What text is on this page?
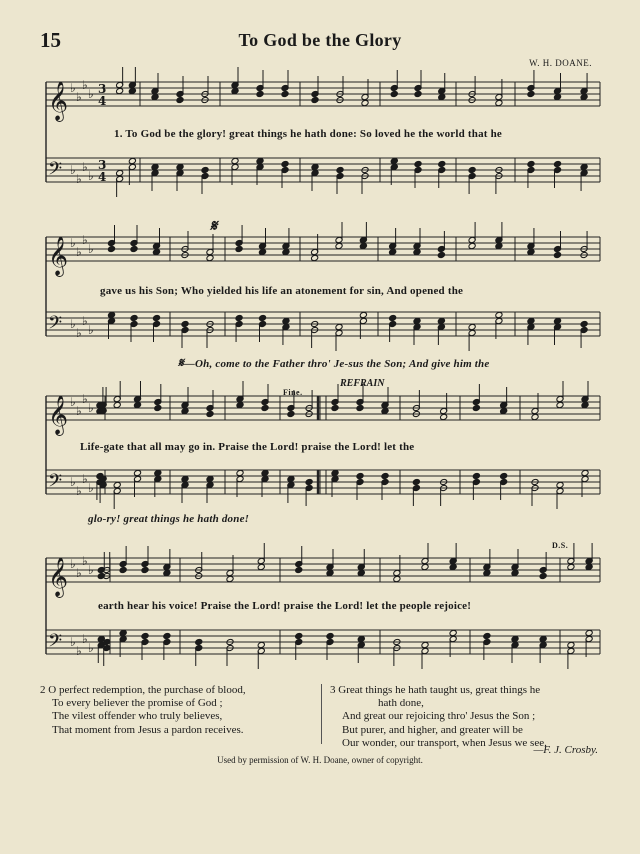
15	To God be the Glory
W. H. DOANE.
𝄞 ♭
♭
♭
♭ 3
4
𝄢 ♭
♭
♭
♭
3
4
𝄞 ♭
♭
♭
♭
𝄢 ♭
♭
♭
♭
𝄞 ♭
♭
♭
♭
𝄢 ♭
♭
♭
♭
𝄞 ♭
♭
♭
♭
𝄢 ♭
♭
♭
♭
1. To God be the glory! great things he hath done: So loved he the world that he
𝄋
gave us his Son; Who yielded his life an atonement for sin, And opened the
𝄋—Oh, come to the Father thro' Je-sus the Son; And give him the
Fine.
REFRAIN
Life-gate that all may go in. Praise the Lord! praise the Lord! let the
glo-ry! great things he hath done!
D.S.
earth hear his voice! Praise the Lord! praise the Lord! let the people rejoice!
2 O perfect redemption, the purchase of blood,
To every believer the promise of God ;
The vilest offender who truly believes,
That moment from Jesus a pardon receives.
3 Great things he hath taught us, great things he
hath done,
And great our rejoicing thro' Jesus the Son ;
But purer, and higher, and greater will be
Our wonder, our transport, when Jesus we see.
—F. J. Crosby.
Used by permission of W. H. Doane, owner of copyright.
